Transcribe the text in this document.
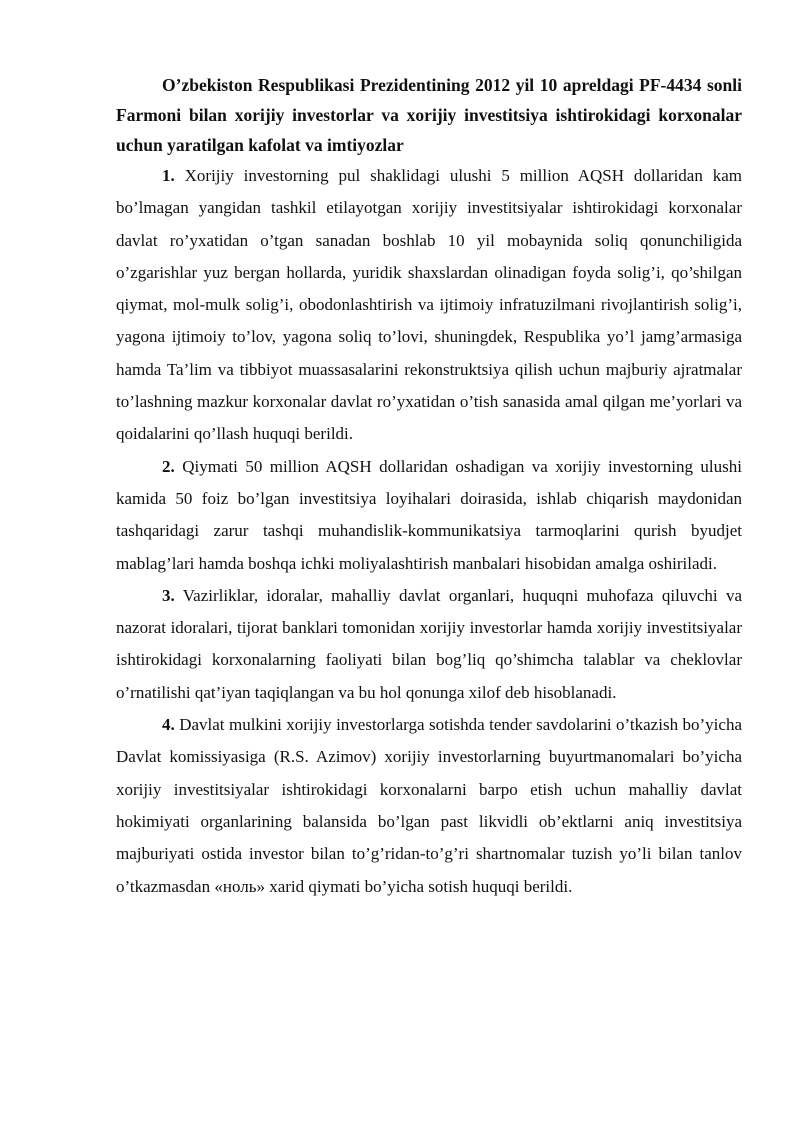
O’zbekiston Respublikasi Prezidentining 2012 yil 10 apreldagi PF-4434 sonli Farmoni bilan xorijiy investorlar va xorijiy investitsiya ishtirokidagi korxonalar uchun yaratilgan kafolat va imtiyozlar

1. Xorijiy investorning pul shaklidagi ulushi 5 million AQSH dollaridan kam bo’lmagan yangidan tashkil etilayotgan xorijiy investitsiyalar ishtirokidagi korxonalar davlat ro’yxatidan o’tgan sanadan boshlab 10 yil mobaynida soliq qonunchiligida o’zgarishlar yuz bergan hollarda, yuridik shaxslardan olinadigan foyda solig’i, qo’shilgan qiymat, mol-mulk solig’i, obodonlashtirish va ijtimoiy infratuzilmani rivojlantirish solig’i, yagona ijtimoiy to’lov, yagona soliq to’lovi, shuningdek, Respublika yo’l jamg’armasiga hamda Ta’lim va tibbiyot muassasalarini rekonstruktsiya qilish uchun majburiy ajratmalar to’lashning mazkur korxonalar davlat ro’yxatidan o’tish sanasida amal qilgan me’yorlari va qoidalarini qo’llash huquqi berildi.

2. Qiymati 50 million AQSH dollaridan oshadigan va xorijiy investorning ulushi kamida 50 foiz bo’lgan investitsiya loyihalari doirasida, ishlab chiqarish maydonidan tashqaridagi zarur tashqi muhandislik-kommunikatsiya tarmoqlarini qurish byudjet mablag’lari hamda boshqa ichki moliyalashtirish manbalari hisobidan amalga oshiriladi.

3. Vazirliklar, idoralar, mahalliy davlat organlari, huquqni muhofaza qiluvchi va nazorat idoralari, tijorat banklari tomonidan xorijiy investorlar hamda xorijiy investitsiyalar ishtirokidagi korxonalarning faoliyati bilan bog’liq qo’shimcha talablar va cheklovlar o’rnatilishi qat’iyan taqiqlangan va bu hol qonunga xilof deb hisoblanadi.

4. Davlat mulkini xorijiy investorlarga sotishda tender savdolarini o’tkazish bo’yicha Davlat komissiyasiga (R.S. Azimov) xorijiy investorlarning buyurtmanomalari bo’yicha xorijiy investitsiyalar ishtirokidagi korxonalarni barpo etish uchun mahalliy davlat hokimiyati organlarining balansida bo’lgan past likvidli ob’ektlarni aniq investitsiya majburiyati ostida investor bilan to’g’ridan-to’g’ri shartnomalar tuzish yo’li bilan tanlov o’tkazmasdan «ноль» xarid qiymati bo’yicha sotish huquqi berildi.
